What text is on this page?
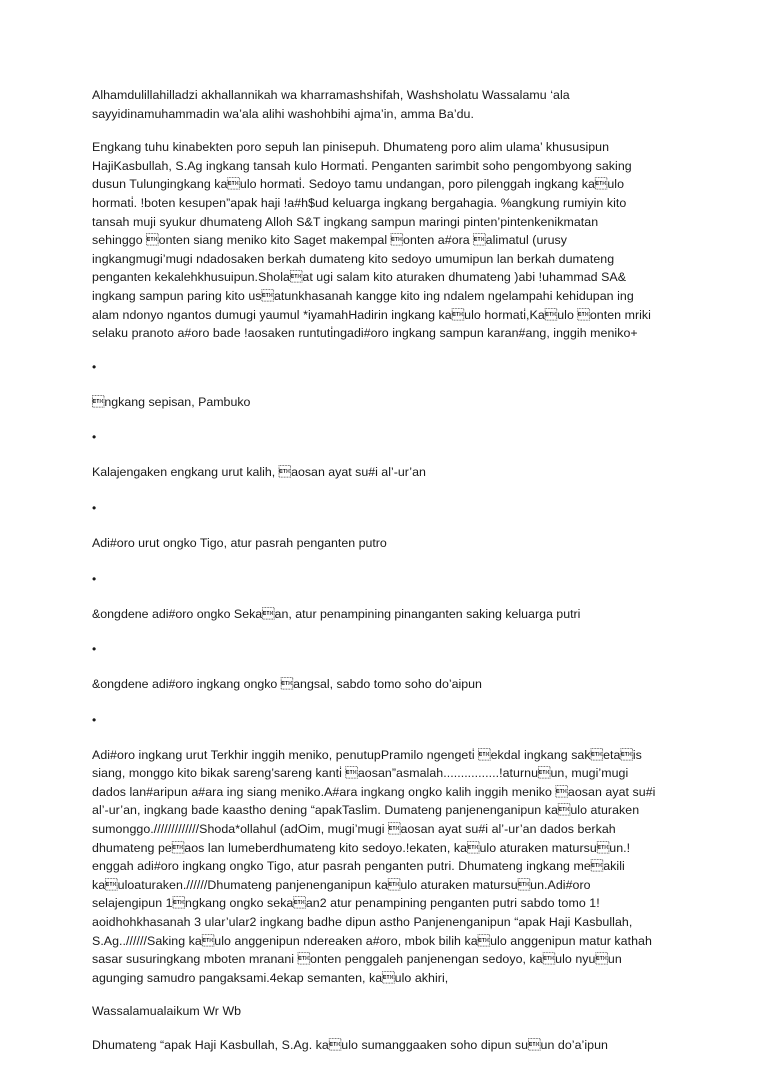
Alhamdulillahilladzi akhallannikah wa kharramashshifah, Washsholatu Wassalamu ‘ala
sayyidinamuhammadin wa’ala alihi washohbihi ajma’in, amma Ba’du.

Engkang tuhu kinabekten poro sepuh lan pinisepuh. Dhumateng poro alim ulama’ khususipun
HajiKasbullah, S.Ag ingkang tansah kulo Hormati̇. Penganten sarimbit soho pengombyong saking
dusun Tulungingkang kaulo hormati̇. Sedoyo tamu undangan, poro pilenggah ingkang kaulo
hormati̇. !boten kesupen”apak haji !a#h$ud keluarga ingkang bergahagia. %angkung rumiyin kito
tansah muji syukur dhumateng Alloh S&T ingkang sampun maringi pinten’pintenkenikmatan
sehinggo onten siang meniko kito Saget makempal onten a#ora alimatul (urusy
ingkangmugi’mugi ndadosaken berkah dumateng kito sedoyo umumipun lan berkah dumateng
penganten kekalehkhusuipun.Sholaat ugi salam kito aturaken dhumateng )abi !uhammad SA&
ingkang sampun paring kito usatunkhasanah kangge kito ing ndalem ngelampahi kehidupan ing
alam ndonyo ngantos dumugi yaumul *iyamahHadirin ingkang kaulo hormati̇,Kaulo onten mriki
selaku pranoto a#oro bade !aosaken runtuti̇ngadi#oro ingkang sampun karan#ang, inggih meniko+

•

ngkang sepisan, Pambuko

•

Kalajengaken engkang urut kalih, aosan ayat su#i al’-ur’an

•

Adi#oro urut ongko Tigo, atur pasrah penganten putro

•

&ongdene adi#oro ongko Sekaan, atur penampining pinanganten saking keluarga putri

•

&ongdene adi#oro ingkang ongko angsal, sabdo tomo soho do’aipun

•

Adi#oro ingkang urut Terkhir inggih meniko, penutupPramilo ngengeti̇ ekdal ingkang saketais
siang, monggo kito bikak sareng’sareng kanti̇ aosan”asmalah................!aturnuun, mugi’mugi
dados lan#aripun a#ara ing siang meniko.A#ara ingkang ongko kalih inggih meniko aosan ayat su#i
al’-ur’an, ingkang bade kaastho dening “apakTaslim. Dumateng panjenenganipun kaulo aturaken
sumonggo./////////////Shoda*ollahul (adOim, mugi’mugi aosan ayat su#i al’-ur’an dados berkah
dhumateng peaos lan lumeberdhumateng kito sedoyo.!ekaten, kaulo aturaken matursuun.!
enggah adi#oro ingkang ongko Tigo, atur pasrah penganten putri. Dhumateng ingkang meakili
kauloaturaken.//////Dhumateng panjenenganipun kaulo aturaken matursuun.Adi#oro
selajengipun 1ngkang ongko sekaan2 atur penampining penganten putri sabdo tomo 1!
aoidhohkhasanah 3 ular’ular2 ingkang badhe dipun astho Panjenenganipun “apak Haji Kasbullah,
S.Ag..//////Saking kaulo anggenipun ndereaken a#oro, mbok bilih kaulo anggenipun matur kathah
sasar susuringkang mboten mranani onten penggaleh panjenengan sedoyo, kaulo nyuun
agunging samudro pangaksami.4ekap semanten, kaulo akhiri,

Wassalamualaikum Wr Wb

Dhumateng “apak Haji Kasbullah, S.Ag. kaulo sumanggaaken soho dipun suun do’a’ipun
